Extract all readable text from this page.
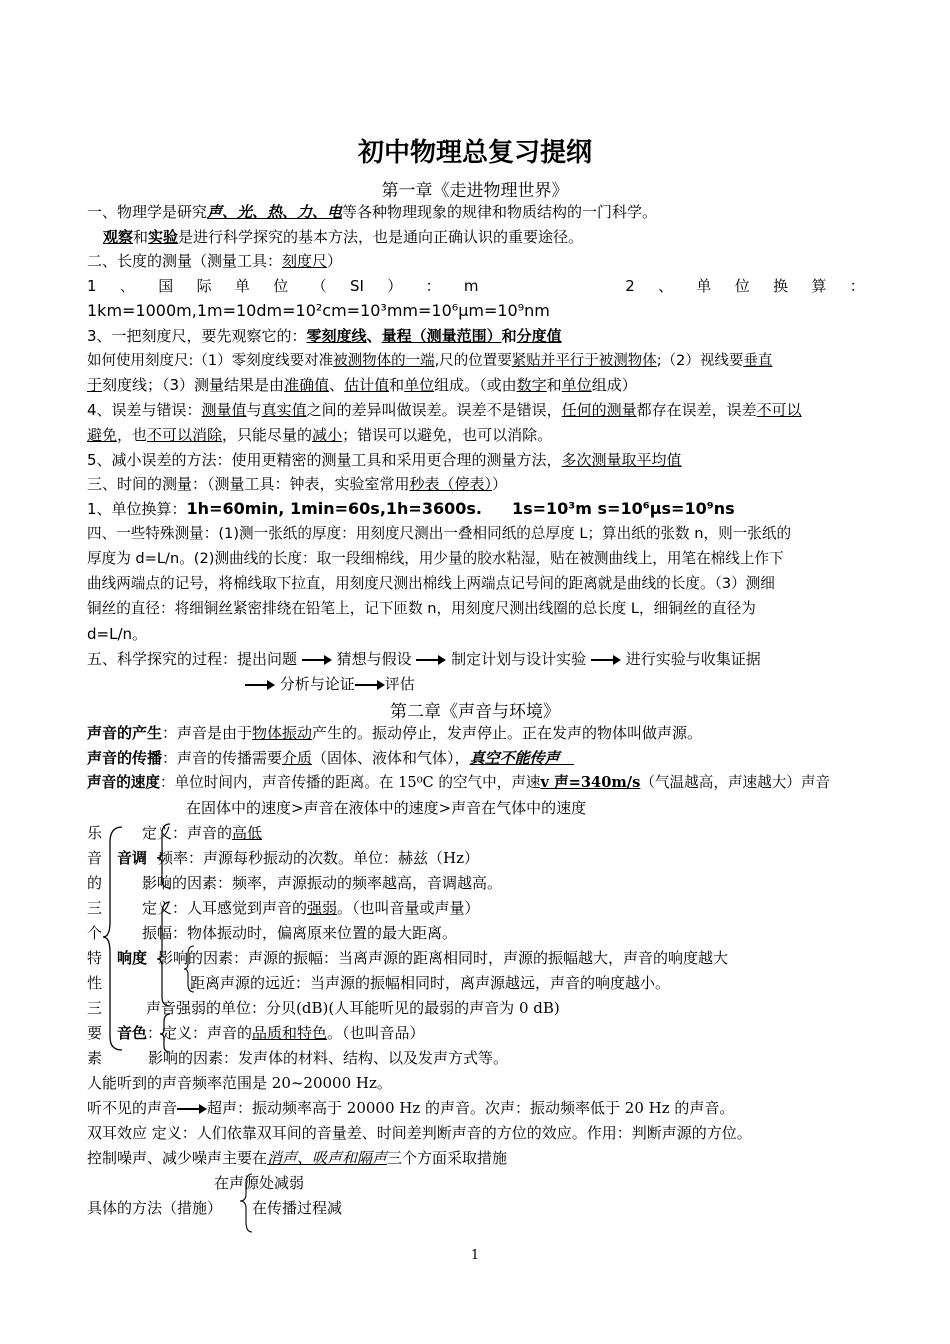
初中物理总复习提纲
第一章《走进物理世界》
一、物理学是研究声、光、热、力、电等各种物理现象的规律和物质结构的一门科学。
观察和实验是进行科学探究的基本方法，也是通向正确认识的重要途径。
二、长度的测量（测量工具：刻度尺）
1 、 国 际 单 位 （ SI ） ： m	2 、 单 位 换 算 ：
1km=1000m,1m=10dm=10²cm=10³mm=10⁶μm=10⁹nm
3、一把刻度尺，要先观察它的：零刻度线、量程（测量范围）和分度值
如何使用刻度尺:（1）零刻度线要对准被测物体的一端,尺的位置要紧贴并平行于被测物体;（2）视线要垂直
于刻度线；（3）测量结果是由准确值、估计值和单位组成。（或由数字和单位组成）
4、误差与错误：测量值与真实值之间的差异叫做误差。误差不是错误，任何的测量都存在误差，误差不可以
避免，也不可以消除，只能尽量的减小；错误可以避免，也可以消除。
5、减小误差的方法：使用更精密的测量工具和采用更合理的测量方法，多次测量取平均值
三、时间的测量：（测量工具：钟表，实验室常用秒表（停表））
1、单位换算：1h=60min, 1min=60s,1h=3600s. 1s=10³m s=10⁶μs=10⁹ns
四、一些特殊测量：(1)测一张纸的厚度：用刻度尺测出一叠相同纸的总厚度 L；算出纸的张数 n，则一张纸的
厚度为 d=L/n。(2)测曲线的长度：取一段细棉线，用少量的胶水粘湿，贴在被测曲线上，用笔在棉线上作下
曲线两端点的记号，将棉线取下拉直，用刻度尺测出棉线上两端点记号间的距离就是曲线的长度。（3）测细
铜丝的直径：将细铜丝紧密排绕在铅笔上，记下匝数 n，用刻度尺测出线圈的总长度 L，细铜丝的直径为
d=L/n。
五、科学探究的过程：提出问题	猜想与假设	制定计划与设计实验	进行实验与收集证据
分析与论证 评估
第二章《声音与环境》
声音的产生：声音是由于物体振动产生的。振动停止，发声停止。正在发声的物体叫做声源。
声音的传播：声音的传播需要介质（固体、液体和气体），真空不能传声
声音的速度：单位时间内，声音传播的距离。在 15⁰C 的空气中，声速v 声=340m/s（气温越高，声速越大）声音
在固体中的速度>声音在液体中的速度>声音在气体中的速度
乐
音
的
三
个
特
性
三
要
素
定义：声音的高低
音调 频率：声源每秒振动的次数。单位：赫兹（Hz）
影响的因素：频率，声源振动的频率越高，音调越高。
定义：人耳感觉到声音的强弱。（也叫音量或声量）
振幅：物体振动时，偏离原来位置的最大距离。
响度 影响的因素：声源的振幅：当离声源的距离相同时，声源的振幅越大，声音的响度越大
距离声源的远近：当声源的振幅相同时，离声源越远，声音的响度越小。
声音强弱的单位：分贝(dB)(人耳能听见的最弱的声音为 0 dB)
音色：定义：声音的品质和特色。（也叫音品）
影响的因素：发声体的材料、结构、以及发声方式等。
人能听到的声音频率范围是 20~20000 Hz。
听不见的声音 超声：振动频率高于 20000 Hz 的声音。次声：振动频率低于 20 Hz 的声音。
双耳效应 定义：人们依靠双耳间的音量差、时间差判断声音的方位的效应。作用：判断声源的方位。
控制噪声、减少噪声主要在消声、吸声和隔声三个方面采取措施
在声源处减弱
具体的方法（措施） 在传播过程减
1
